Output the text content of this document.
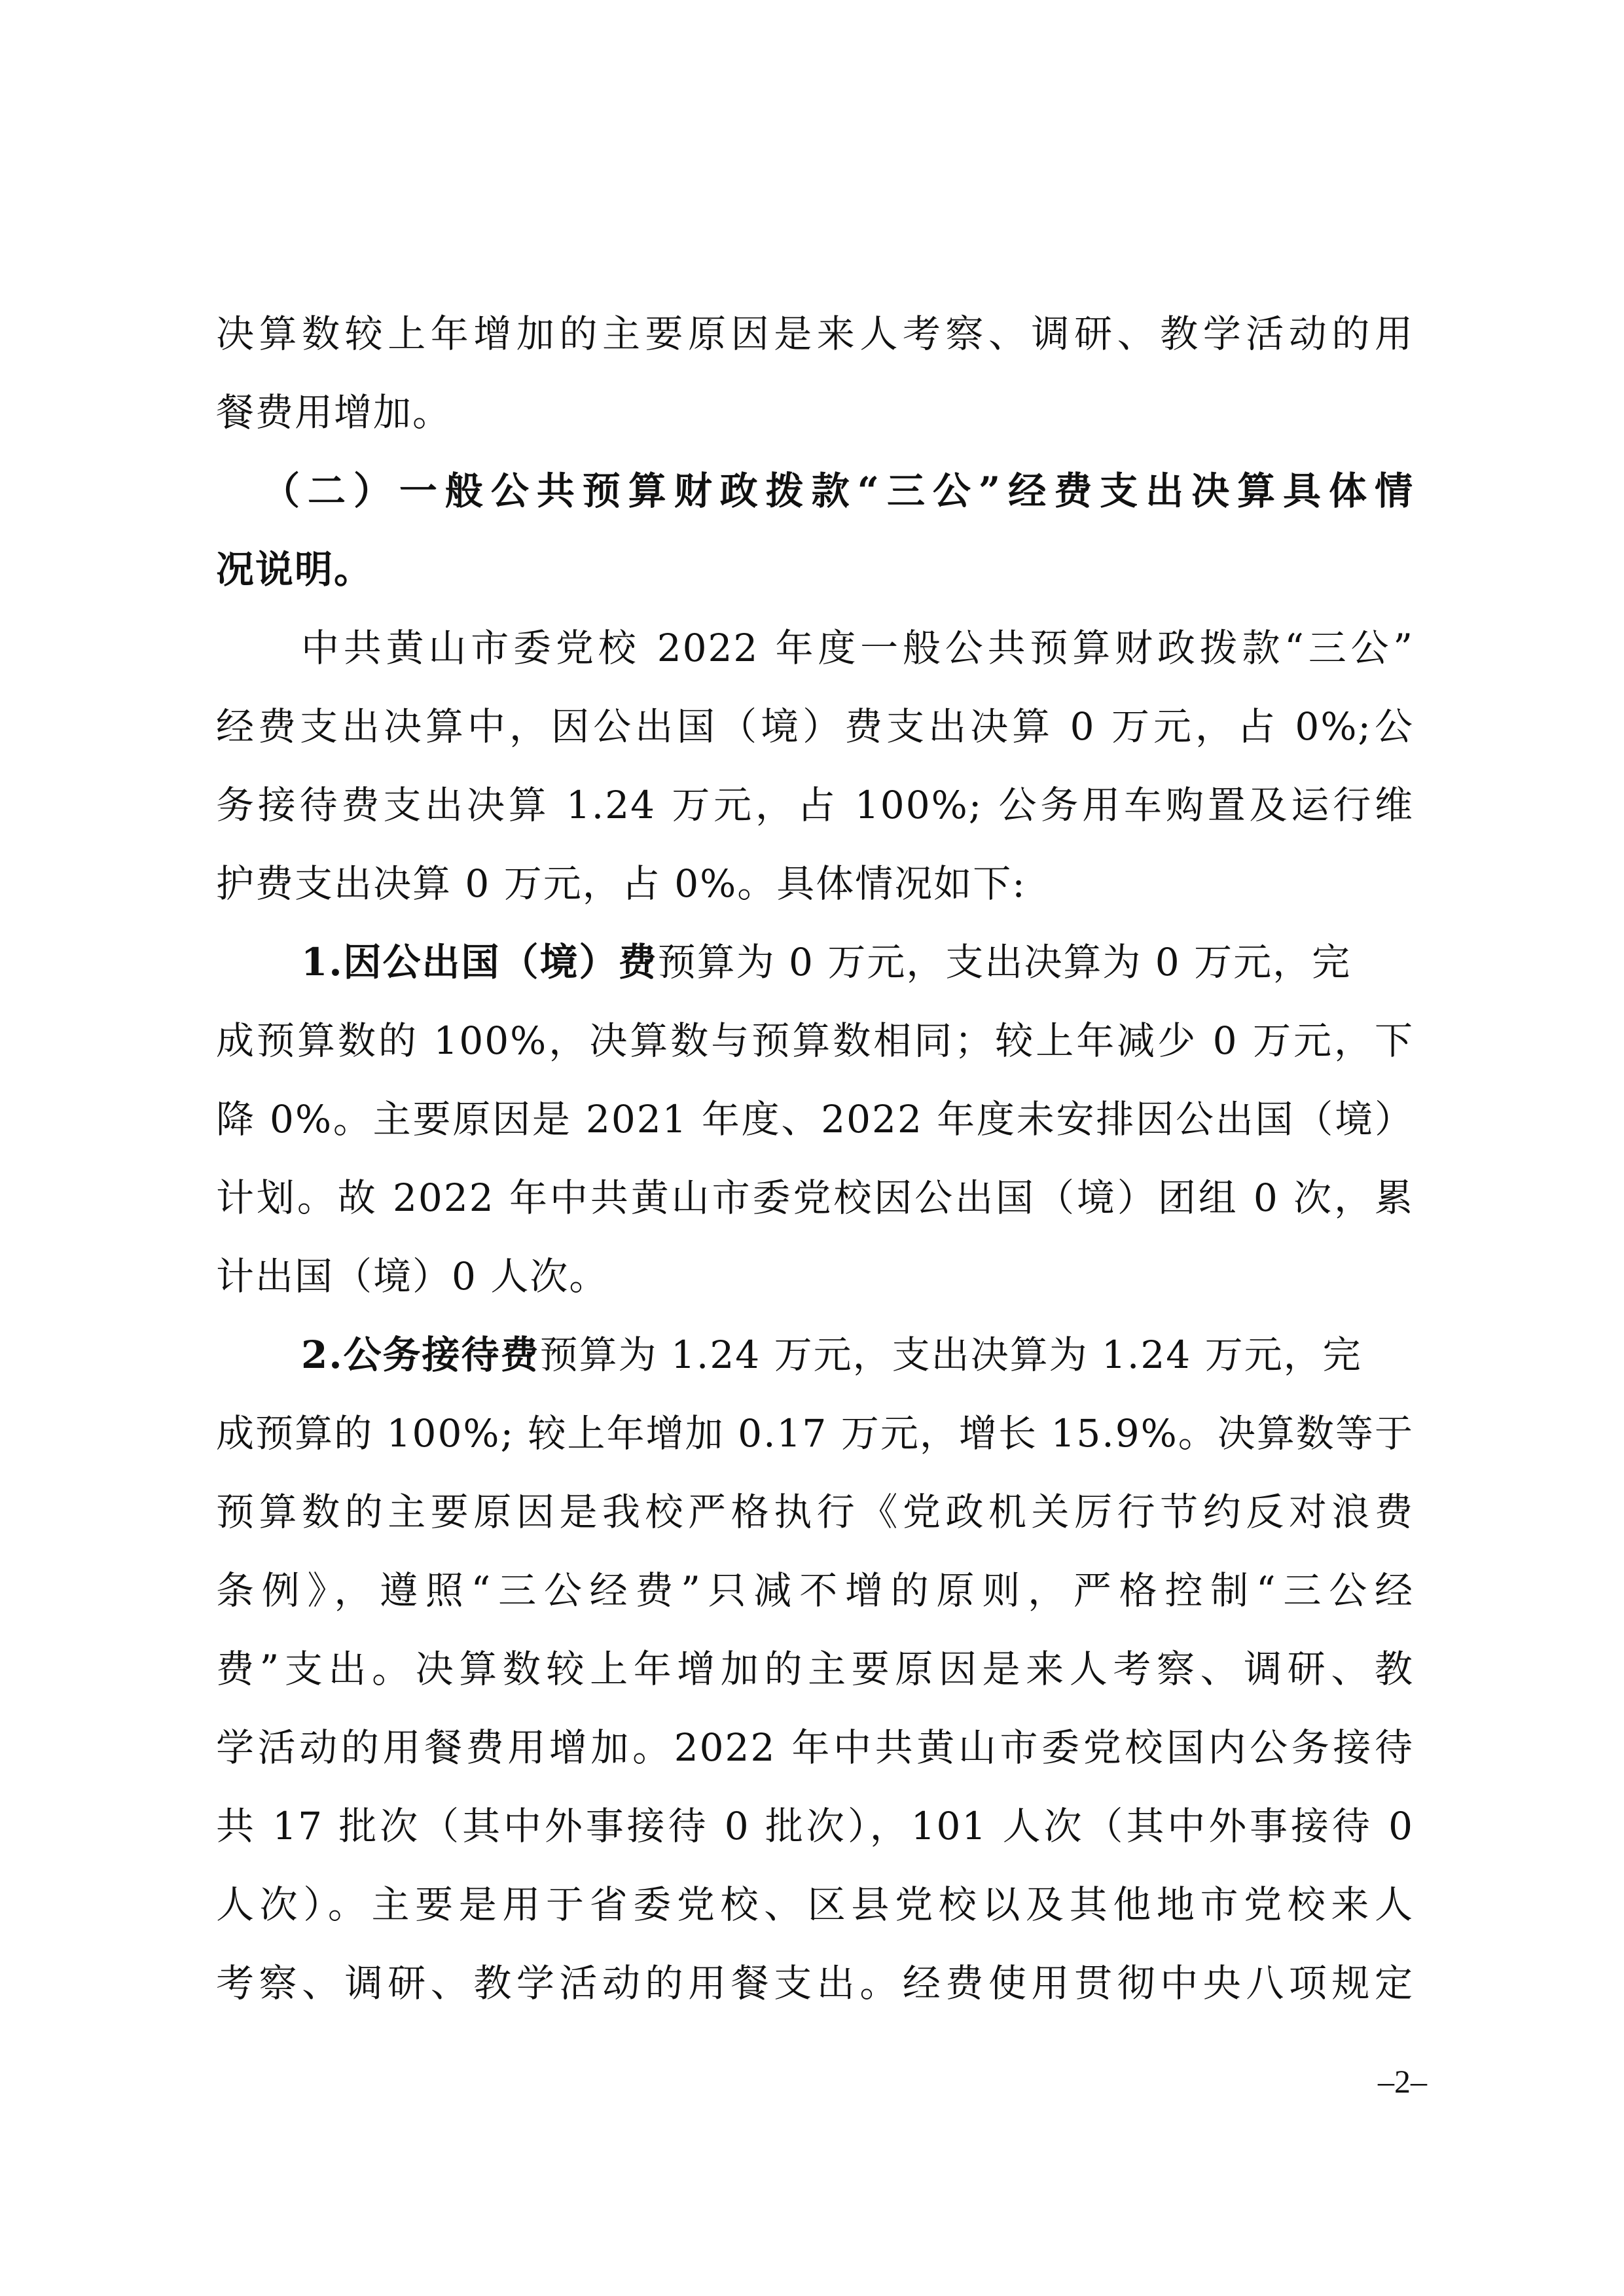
决算数较上年增加的主要原因是来人考察、调研、教学活动的用
餐费用增加。
（二）一般公共预算财政拨款“三公”经费支出决算具体情
况说明。
中共黄山市委党校 2022 年度一般公共预算财政拨款“三公”
经费支出决算中，因公出国（境）费支出决算 0 万元，占 0%;公
务接待费支出决算 1.24 万元，占 100%; 公务用车购置及运行维
护费支出决算 0 万元，占 0%。具体情况如下:
1.因公出国（境）费预算为 0 万元，支出决算为 0 万元，完
成预算数的 100%，决算数与预算数相同；较上年减少 0 万元，下
降 0%。主要原因是 2021 年度、2022 年度未安排因公出国（境）
计划。故 2022 年中共黄山市委党校因公出国（境）团组 0 次，累
计出国（境）0 人次。
2.公务接待费预算为 1.24 万元，支出决算为 1.24 万元，完
成预算的 100%; 较上年增加 0.17 万元，增长 15.9%。决算数等于
预算数的主要原因是我校严格执行《党政机关厉行节约反对浪费
条例》，遵照“三公经费”只减不增的原则，严格控制“三公经
费”支出。决算数较上年增加的主要原因是来人考察、调研、教
学活动的用餐费用增加。2022 年中共黄山市委党校国内公务接待
共 17 批次（其中外事接待 0 批次），101 人次（其中外事接待 0
人次）。主要是用于省委党校、区县党校以及其他地市党校来人
考察、调研、教学活动的用餐支出。经费使用贯彻中央八项规定
–2–
